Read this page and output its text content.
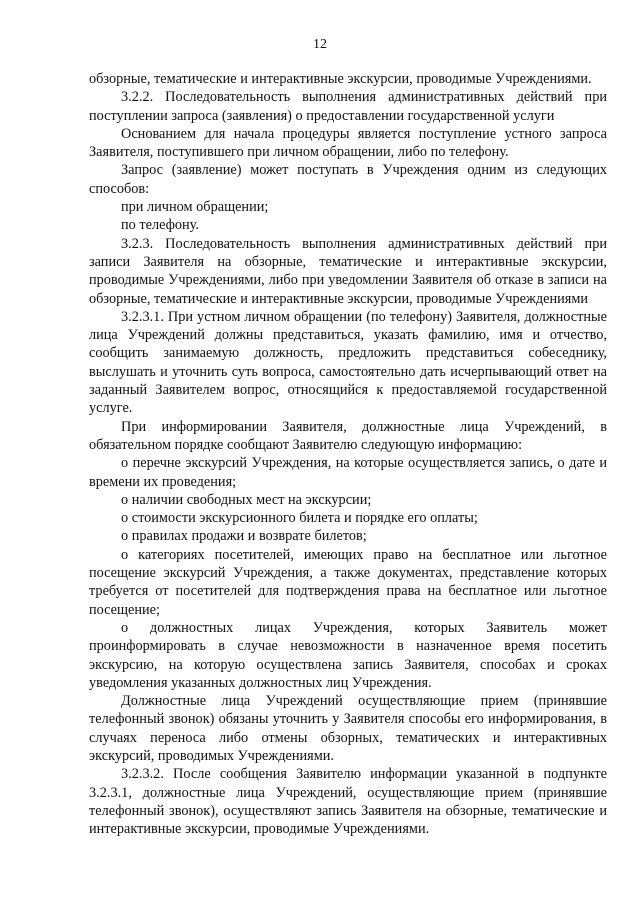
12

обзорные, тематические и интерактивные экскурсии, проводимые Учреждениями.

3.2.2. Последовательность выполнения административных действий при поступлении запроса (заявления) о предоставлении государственной услуги

Основанием для начала процедуры является поступление устного запроса Заявителя, поступившего при личном обращении, либо по телефону.

Запрос (заявление) может поступать в Учреждения одним из следующих способов:

при личном обращении;

по телефону.

3.2.3. Последовательность выполнения административных действий при записи Заявителя на обзорные, тематические и интерактивные экскурсии, проводимые Учреждениями, либо при уведомлении Заявителя об отказе в записи на обзорные, тематические и интерактивные экскурсии, проводимые Учреждениями

3.2.3.1. При устном личном обращении (по телефону) Заявителя, должностные лица Учреждений должны представиться, указать фамилию, имя и отчество, сообщить занимаемую должность, предложить представиться собеседнику, выслушать и уточнить суть вопроса, самостоятельно дать исчерпывающий ответ на заданный Заявителем вопрос, относящийся к предоставляемой государственной услуге.

При информировании Заявителя, должностные лица Учреждений, в обязательном порядке сообщают Заявителю следующую информацию:

о перечне экскурсий Учреждения, на которые осуществляется запись, о дате и времени их проведения;

о наличии свободных мест на экскурсии;

о стоимости экскурсионного билета и порядке его оплаты;

о правилах продажи и возврате билетов;

о категориях посетителей, имеющих право на бесплатное или льготное посещение экскурсий Учреждения, а также документах, представление которых требуется от посетителей для подтверждения права на бесплатное или льготное посещение;

о должностных лицах Учреждения, которых Заявитель может проинформировать в случае невозможности в назначенное время посетить экскурсию, на которую осуществлена запись Заявителя, способах и сроках уведомления указанных должностных лиц Учреждения.

Должностные лица Учреждений осуществляющие прием (принявшие телефонный звонок) обязаны уточнить у Заявителя способы его информирования, в случаях переноса либо отмены обзорных, тематических и интерактивных экскурсий, проводимых Учреждениями.

3.2.3.2. После сообщения Заявителю информации указанной в подпункте 3.2.3.1, должностные лица Учреждений, осуществляющие прием (принявшие телефонный звонок), осуществляют запись Заявителя на обзорные, тематические и интерактивные экскурсии, проводимые Учреждениями.
